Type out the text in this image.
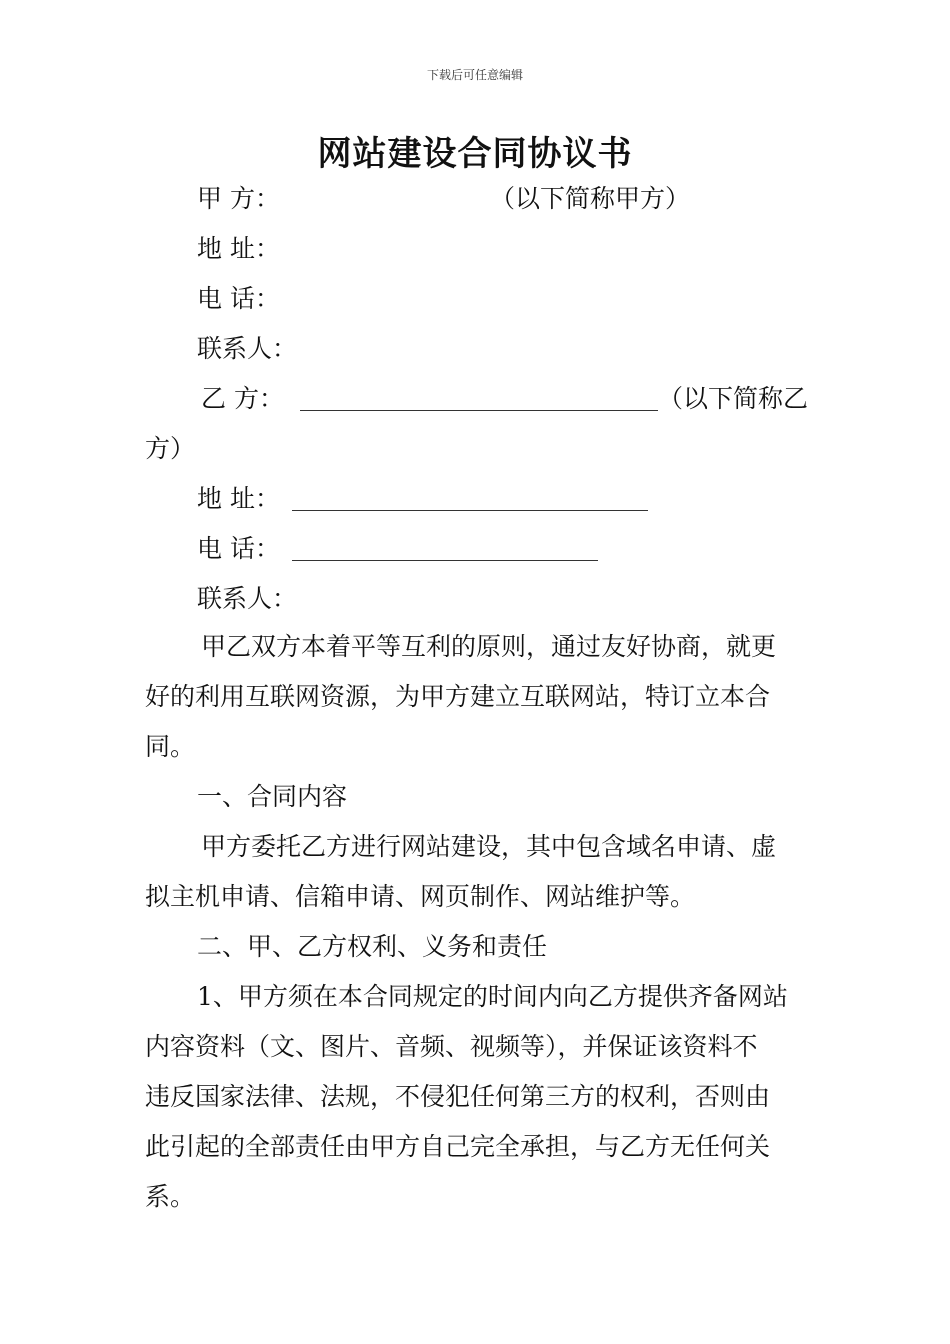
下载后可任意编辑
网站建设合同协议书
甲 方：	（以下简称甲方）
地 址：
电 话：
联系人：
乙 方：	（以下简称乙
方）
地 址：
电 话：
联系人：
甲乙双方本着平等互利的原则，通过友好协商，就更
好的利用互联网资源，为甲方建立互联网站，特订立本合
同。
一、合同内容
甲方委托乙方进行网站建设，其中包含域名申请、虚
拟主机申请、信箱申请、网页制作、网站维护等。
二、甲、乙方权利、义务和责任
1、甲方须在本合同规定的时间内向乙方提供齐备网站
内容资料（文、图片、音频、视频等），并保证该资料不
违反国家法律、法规，不侵犯任何第三方的权利，否则由
此引起的全部责任由甲方自己完全承担，与乙方无任何关
系。
